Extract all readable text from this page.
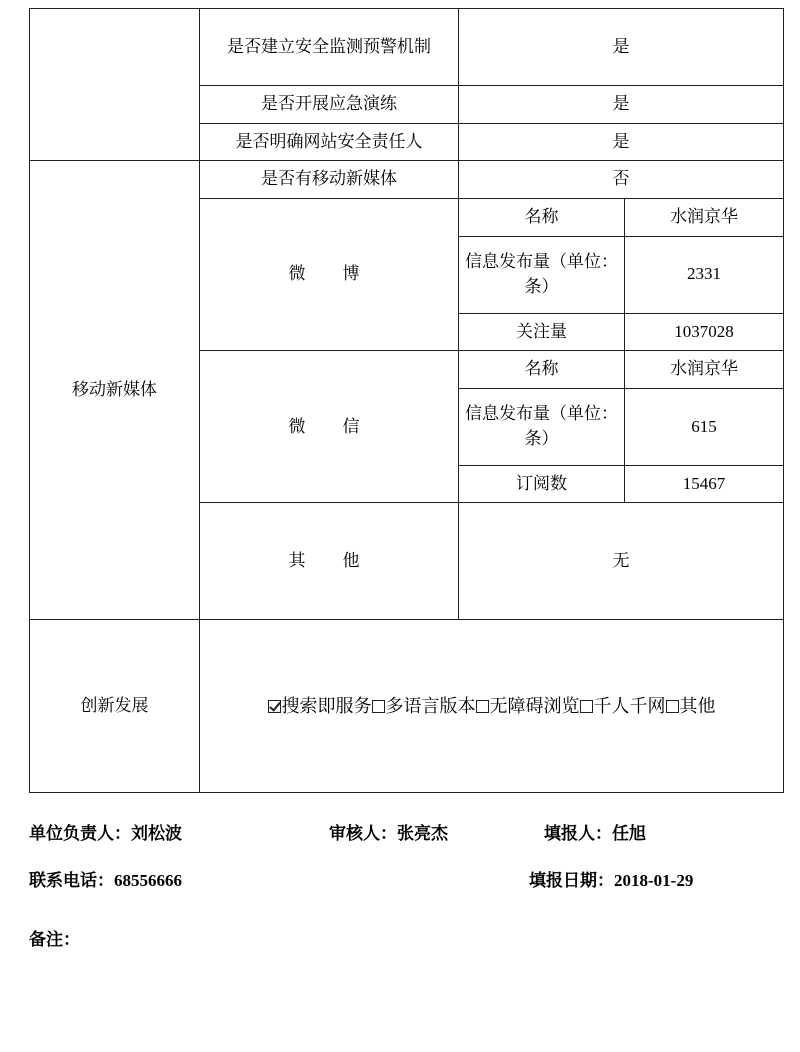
	是否建立安全监测预警机制	是	
	是否开展应急演练	是	
	是否明确网站安全责任人	是	
移动新媒体	是否有移动新媒体	否	
	微　博	名称	水润京华
		信息发布量（单位：条）	2331
		关注量	1037028
	微　信	名称	水润京华
		信息发布量（单位：条）	615
		订阅数	15467
	其　他	无	
创新发展	搜索即服务 多语言版本 无障碍浏览 千人千网 其他		
单位负责人：刘松波	审核人：张亮杰	填报人：任旭
联系电话：68556666	填报日期：2018-01-29
备注：
